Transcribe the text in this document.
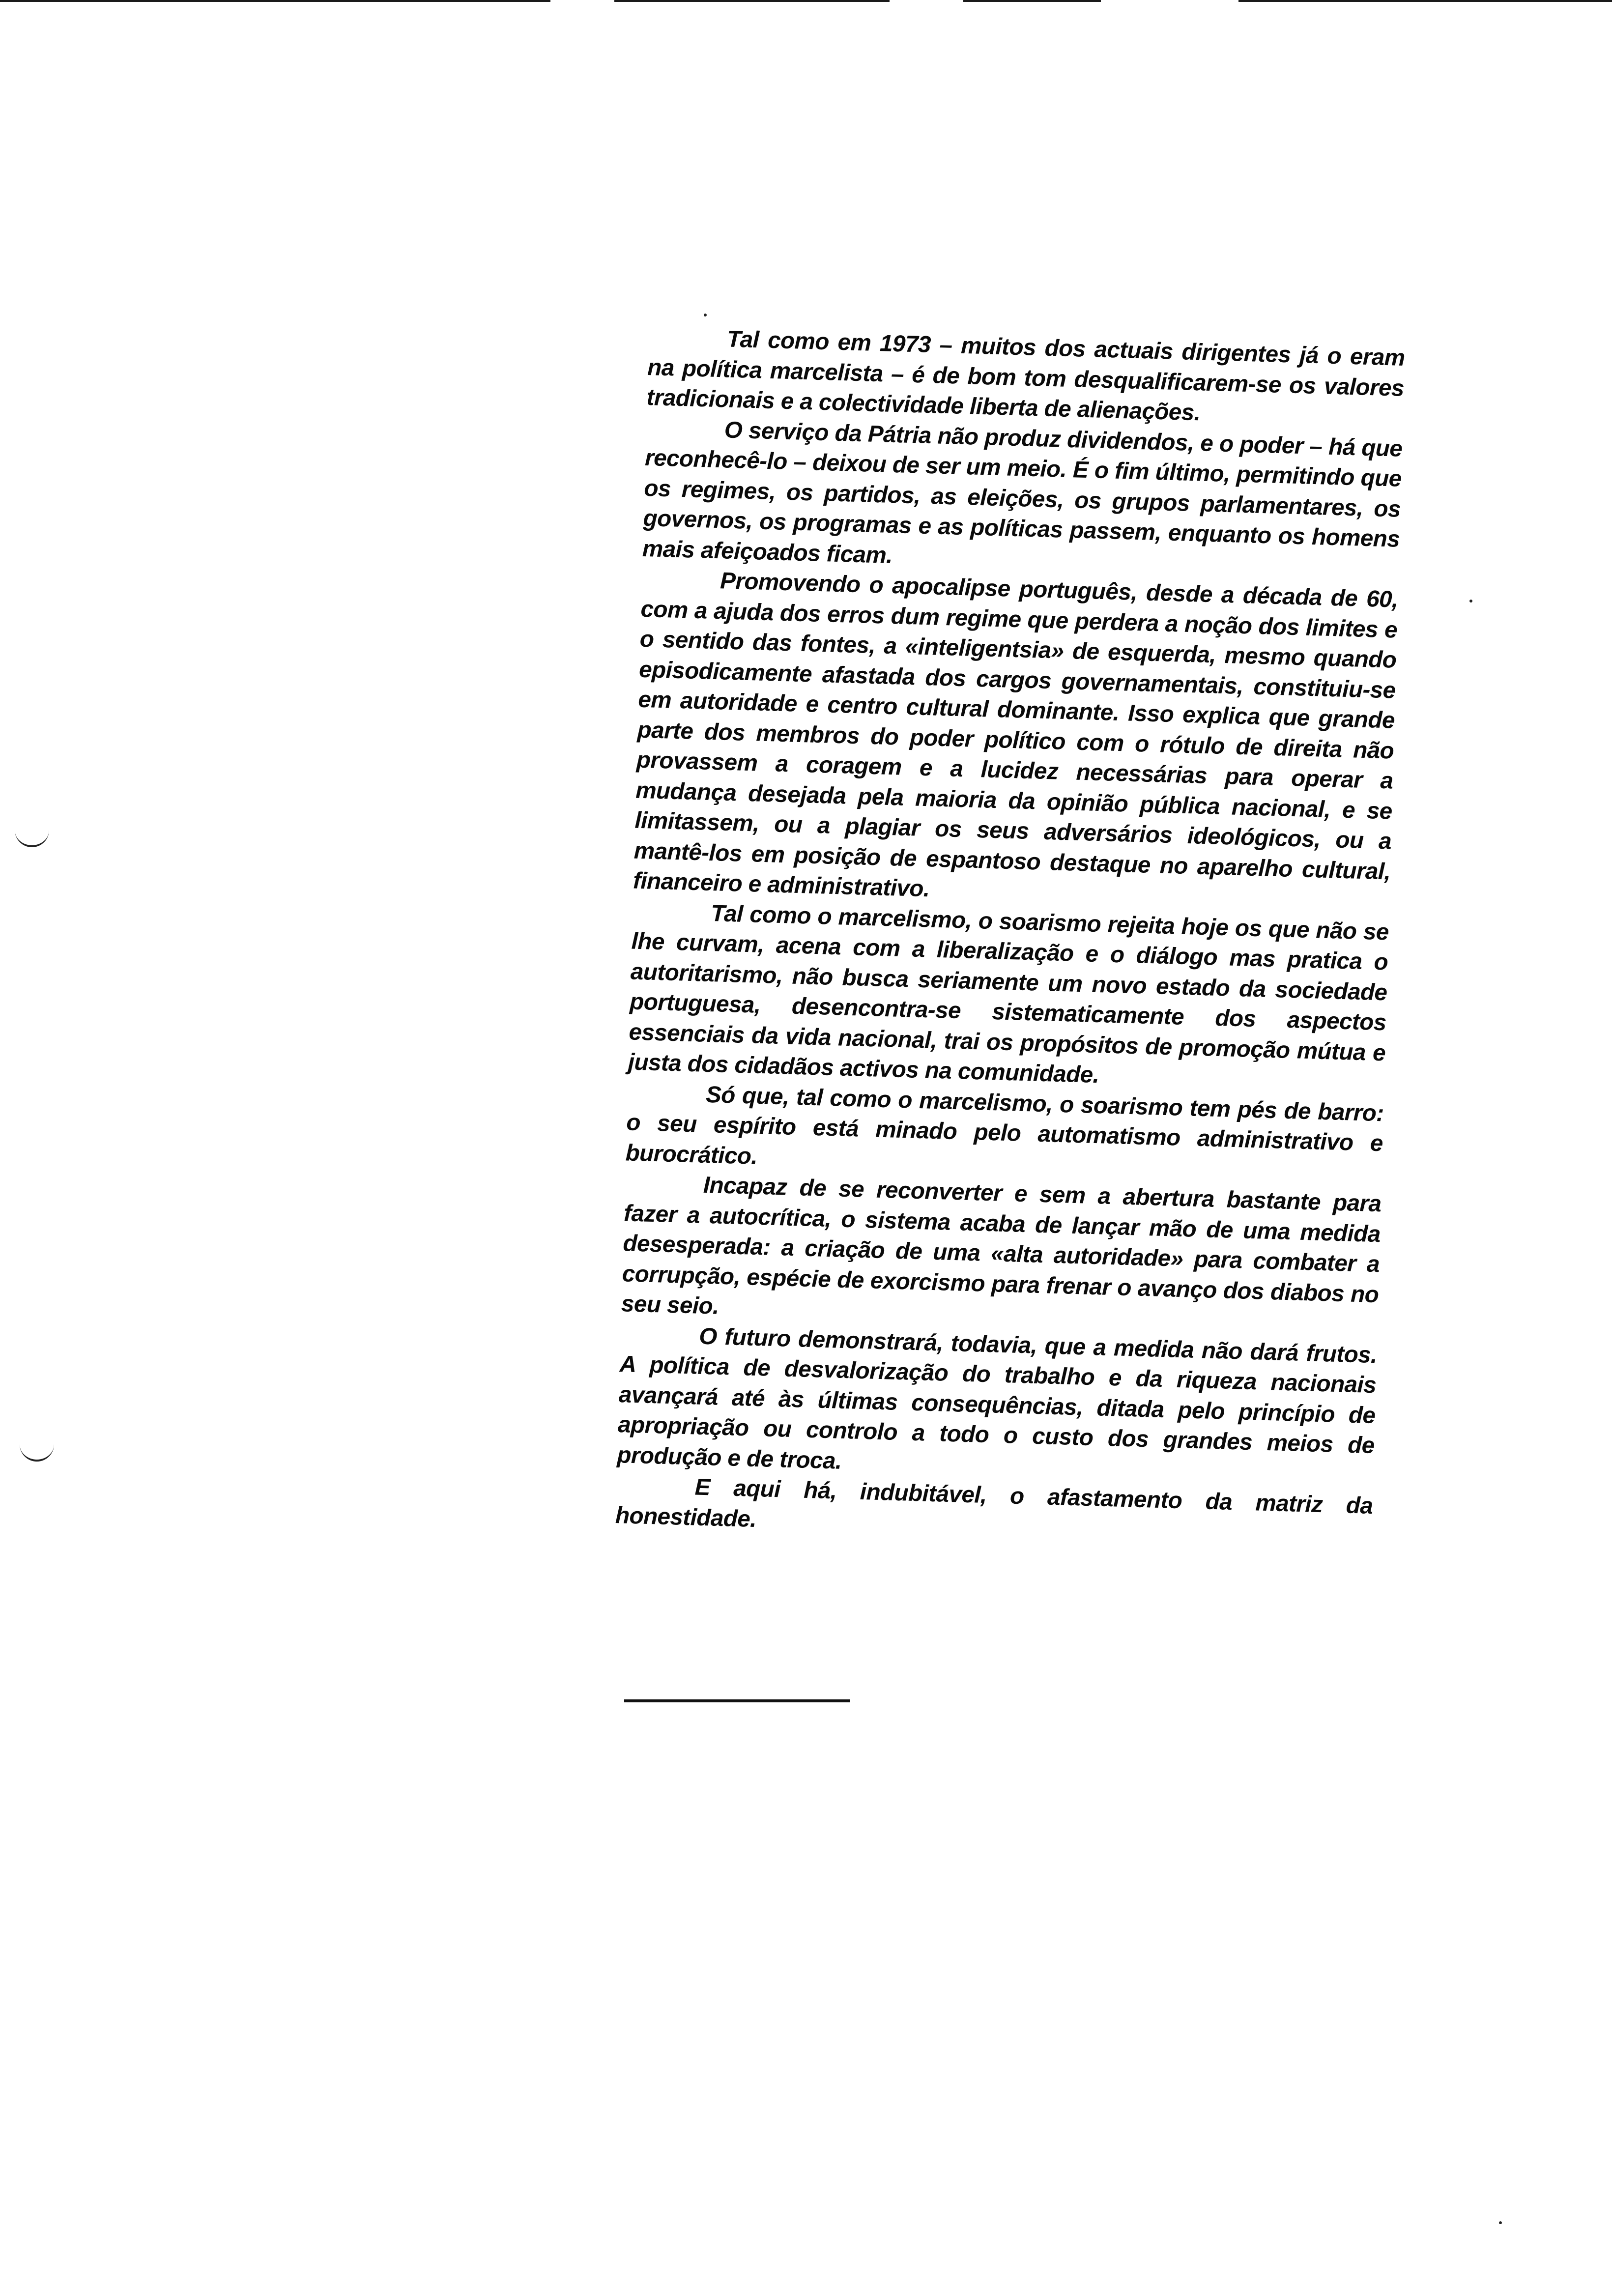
Tal como em 1973 – muitos dos actuais dirigentes já o eram na política marcelista – é de bom tom desqualificarem-se os valores tradicionais e a colectividade liberta de alienações.

O serviço da Pátria não produz dividendos, e o poder – há que reconhecê-lo – deixou de ser um meio. É o fim último, permitindo que os regimes, os partidos, as eleições, os grupos parlamentares, os governos, os programas e as políticas passem, enquanto os homens mais afeiçoados ficam.

Promovendo o apocalipse português, desde a década de 60, com a ajuda dos erros dum regime que perdera a noção dos limites e o sentido das fontes, a «inteligentsia» de esquerda, mesmo quando episodicamente afastada dos cargos governamentais, constituiu-se em autoridade e centro cultural dominante. Isso explica que grande parte dos membros do poder político com o rótulo de direita não provassem a coragem e a lucidez necessárias para operar a mudança desejada pela maioria da opinião pública nacional, e se limitassem, ou a plagiar os seus adversários ideológicos, ou a mantê-los em posição de espantoso destaque no aparelho cultural, financeiro e administrativo.

Tal como o marcelismo, o soarismo rejeita hoje os que não se lhe curvam, acena com a liberalização e o diálogo mas pratica o autoritarismo, não busca seriamente um novo estado da sociedade portuguesa, desencontra-se sistematicamente dos aspectos essenciais da vida nacional, trai os propósitos de promoção mútua e justa dos cidadãos activos na comunidade.

Só que, tal como o marcelismo, o soarismo tem pés de barro: o seu espírito está minado pelo automatismo administrativo e burocrático.

Incapaz de se reconverter e sem a abertura bastante para fazer a autocrítica, o sistema acaba de lançar mão de uma medida desesperada: a criação de uma «alta autoridade» para combater a corrupção, espécie de exorcismo para frenar o avanço dos diabos no seu seio.

O futuro demonstrará, todavia, que a medida não dará frutos. A política de desvalorização do trabalho e da riqueza nacionais avançará até às últimas consequências, ditada pelo princípio de apropriação ou controlo a todo o custo dos grandes meios de produção e de troca.

E aqui há, indubitável, o afastamento da matriz da honestidade.
